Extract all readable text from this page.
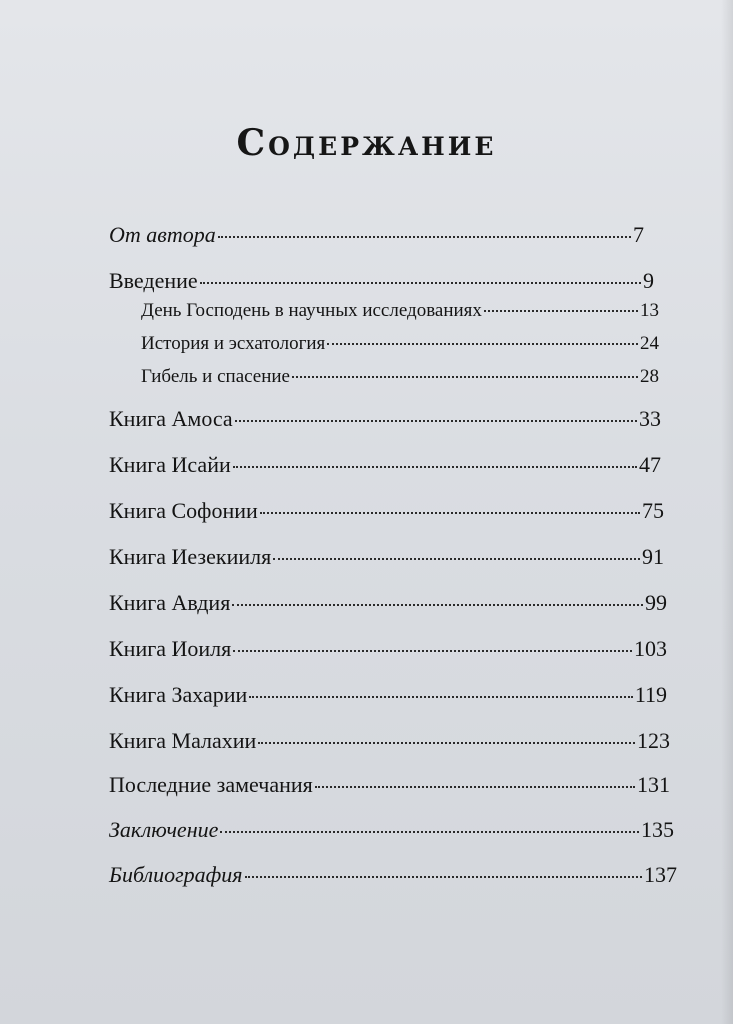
Содержание
От автора	7
Введение	9
День Господень в научных исследованиях	13
История и эсхатология	24
Гибель и спасение	28
Книга Амоса	33
Книга Исайи	47
Книга Софонии	75
Книга Иезекииля	91
Книга Авдия	99
Книга Иоиля	103
Книга Захарии	119
Книга Малахии	123
Последние замечания	131
Заключение	135
Библиография	137
